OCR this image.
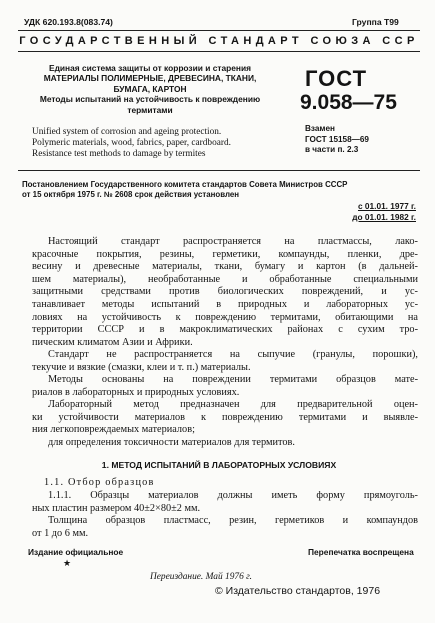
УДК 620.193.8(083.74)	Группа Т99
ГОСУДАРСТВЕННЫЙ СТАНДАРТ СОЮЗА ССР
Единая система защиты от коррозии и старения
МАТЕРИАЛЫ ПОЛИМЕРНЫЕ, ДРЕВЕСИНА, ТКАНИ,
БУМАГА, КАРТОН
Методы испытаний на устойчивость к повреждению
термитами
Unified system of corrosion and ageing protection.
Polymeric materials, wood, fabrics, paper, cardboard.
Resistance test methods to damage by termites
ГОСТ
9.058—75
Взамен
ГОСТ 15158—69
в части п. 2.3
Постановлением Государственного комитета стандартов Совета Министров СССР
от 15 октября 1975 г. № 2608 срок действия установлен
с 01.01. 1977 г.
до 01.01. 1982 г.
Настоящий стандарт распространяется на пластмассы, лако-
красочные покрытия, резины, герметики, компаунды, пленки, дре-
весину и древесные материалы, ткани, бумагу и картон (в дальней-
шем материалы), необработанные и обработанные специальными
защитными средствами против биологических повреждений, и ус-
танавливает методы испытаний в природных и лабораторных ус-
ловиях на устойчивость к повреждению термитами, обитающими на
территории СССР и в макроклиматических районах с сухим тро-
пическим климатом Азии и Африки.
Стандарт не распространяется на сыпучие (гранулы, порошки),
текучие и вязкие (смазки, клеи и т. п.) материалы.
Методы основаны на повреждении термитами образцов мате-
риалов в лабораторных и природных условиях.
Лабораторный метод предназначен для предварительной оцен-
ки устойчивости материалов к повреждению термитами и выявле-
ния легкоповреждаемых материалов;
для определения токсичности материалов для термитов.
1. МЕТОД ИСПЫТАНИЙ В ЛАБОРАТОРНЫХ УСЛОВИЯХ
1.1. Отбор образцов
1.1.1. Образцы материалов должны иметь форму прямоуголь-
ных пластин размером 40±2×80±2 мм.
Толщина образцов пластмасс, резин, герметиков и компаундов
от 1 до 6 мм.
Издание официальное
★
Перепечатка воспрещена
Переиздание. Май 1976 г.
© Издательство стандартов, 1976
